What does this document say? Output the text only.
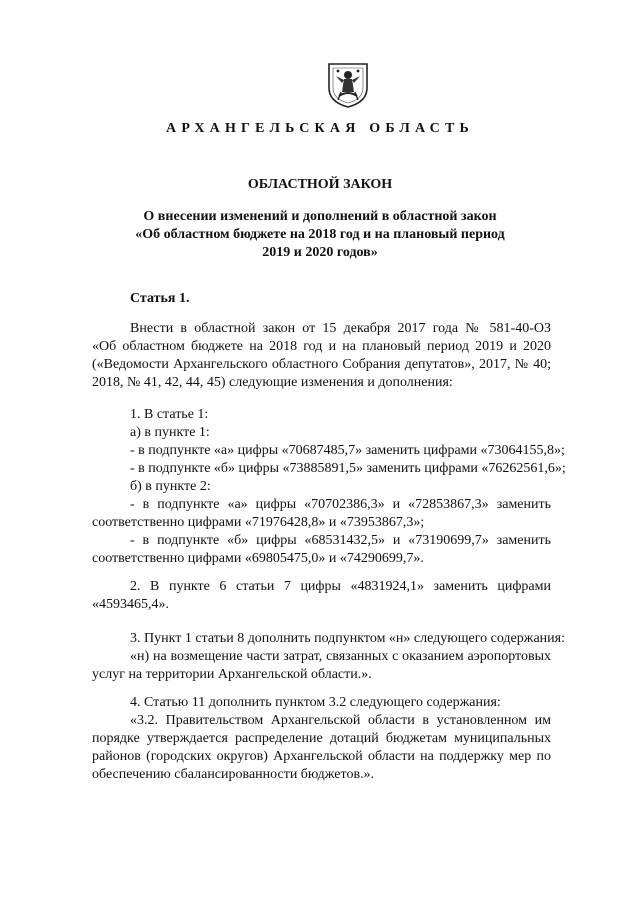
АРХАНГЕЛЬСКАЯ ОБЛАСТЬ
ОБЛАСТНОЙ ЗАКОН
О внесении изменений и дополнений в областной закон
«Об областном бюджете на 2018 год и на плановый период
2019 и 2020 годов»
Статья 1.
Внести в областной закон от 15 декабря 2017 года № 581-40-ОЗ
«Об областном бюджете на 2018 год и на плановый период 2019 и 2020
(«Ведомости Архангельского областного Собрания депутатов», 2017, № 40;
2018, № 41, 42, 44, 45) следующие изменения и дополнения:
1. В статье 1:
а) в пункте 1:
- в подпункте «а» цифры «70687485,7» заменить цифрами «73064155,8»;
- в подпункте «б» цифры «73885891,5» заменить цифрами «76262561,6»;
б) в пункте 2:
- в подпункте «а» цифры «70702386,3» и «72853867,3» заменить
соответственно цифрами «71976428,8» и «73953867,3»;
- в подпункте «б» цифры «68531432,5» и «73190699,7» заменить
соответственно цифрами «69805475,0» и «74290699,7».
2. В пункте 6 статьи 7 цифры «4831924,1» заменить цифрами
«4593465,4».
3. Пункт 1 статьи 8 дополнить подпунктом «н» следующего содержания:
«н) на возмещение части затрат, связанных с оказанием аэропортовых
услуг на территории Архангельской области.».
4. Статью 11 дополнить пунктом 3.2 следующего содержания:
«3.2. Правительством Архангельской области в установленном им
порядке утверждается распределение дотаций бюджетам муниципальных
районов (городских округов) Архангельской области на поддержку мер по
обеспечению сбалансированности бюджетов.».
